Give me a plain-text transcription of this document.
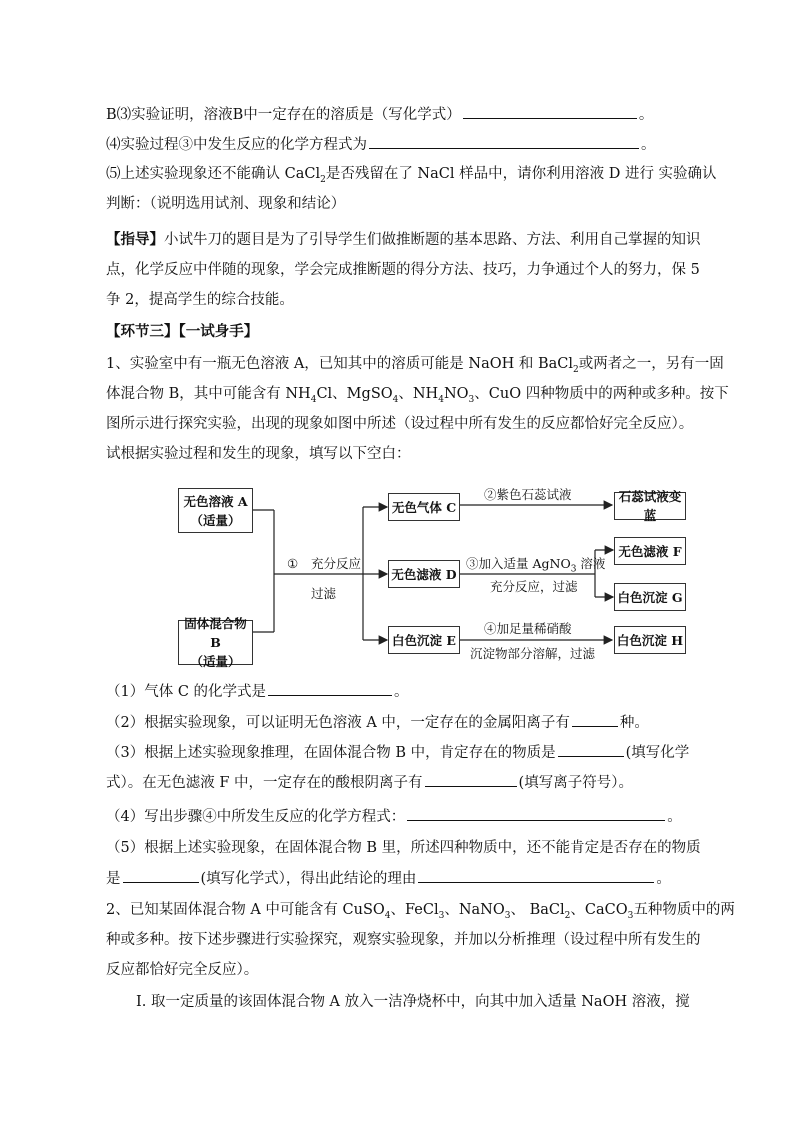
B⑶实验证明，溶液B中一定存在的溶质是（写化学式）	。
⑷实验过程③中发生反应的化学方程式为	。
⑸上述实验现象还不能确认 CaCl$_2$是否残留在了 NaCl 样品中，请你利用溶液 D 进行 实验确认
判断：（说明选用试剂、现象和结论）
【指导】小试牛刀的题目是为了引导学生们做推断题的基本思路、方法、利用自己掌握的知识
点，化学反应中伴随的现象，学会完成推断题的得分方法、技巧，力争通过个人的努力，保 5
争 2，提高学生的综合技能。
【环节三】【一试身手】
1、实验室中有一瓶无色溶液 A，已知其中的溶质可能是 NaOH 和 BaCl$_2$或两者之一，另有一固
体混合物 B，其中可能含有 $NH_4Cl$、MgSO$_4$、$NH_4NO_3$、CuO 四种物质中的两种或多种。按下
图所示进行探究实验，出现的现象如图中所述（设过程中所有发生的反应都恰好完全反应）。
试根据实验过程和发生的现象，填写以下空白：
无色溶液 A
（适量）
固体混合物 B
（适量）
无色气体 C
无色滤液 D
白色沉淀 E
石蕊试液变蓝
无色滤液 F
白色沉淀 G
白色沉淀 H
① 充分反应
过滤
②紫色石蕊试液
③加入适量 AgNO$_3$ 溶液
充分反应，过滤
④加足量稀硝酸
沉淀物部分溶解，过滤
（1）气体 C 的化学式是	。
（2）根据实验现象，可以证明无色溶液 A 中，一定存在的金属阳离子有	种。
（3）根据上述实验现象推理，在固体混合物 B 中，肯定存在的物质是	(填写化学
式）。在无色滤液 F 中，一定存在的酸根阴离子有	(填写离子符号）。
（4）写出步骤④中所发生反应的化学方程式：	。
（5）根据上述实验现象，在固体混合物 B 里，所述四种物质中，还不能肯定是否存在的物质
是	(填写化学式），得出此结论的理由	。
2、已知某固体混合物 A 中可能含有 CuSO$_4$、FeCl$_3$、NaNO$_3$、 BaCl$_2$、CaCO$_3$五种物质中的两
种或多种。按下述步骤进行实验探究，观察实验现象，并加以分析推理（设过程中所有发生的
反应都恰好完全反应）。
Ⅰ. 取一定质量的该固体混合物 A 放入一洁净烧杯中，向其中加入适量 NaOH 溶液，搅
